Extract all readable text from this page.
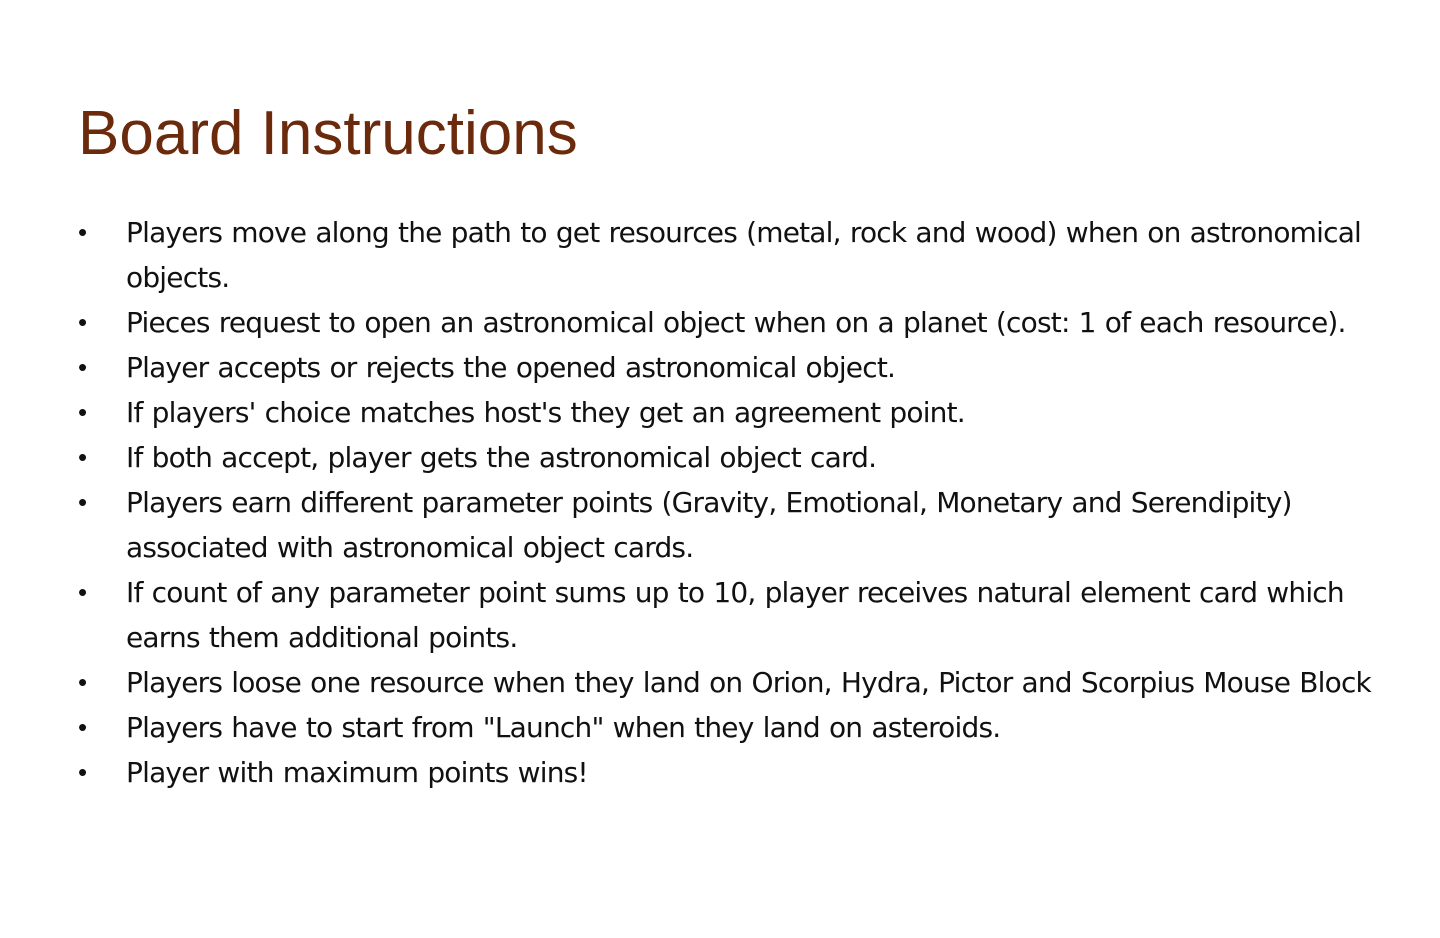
Board Instructions
•	Players move along the path to get resources (metal, rock and wood) when on astronomical objects.
•	Pieces request to open an astronomical object when on a planet (cost: 1 of each resource).
•	Player accepts or rejects the opened astronomical object.
•	If players' choice matches host's they get an agreement point.
•	If both accept, player gets the astronomical object card.
•	Players earn different parameter points (Gravity, Emotional, Monetary and Serendipity) associated with astronomical object cards.
•	If count of any parameter point sums up to 10, player receives natural element card which earns them additional points.
•	Players loose one resource when they land on Orion, Hydra, Pictor and Scorpius Mouse Block
•	Players have to start from "Launch" when they land on asteroids.
•	Player with maximum points wins!
